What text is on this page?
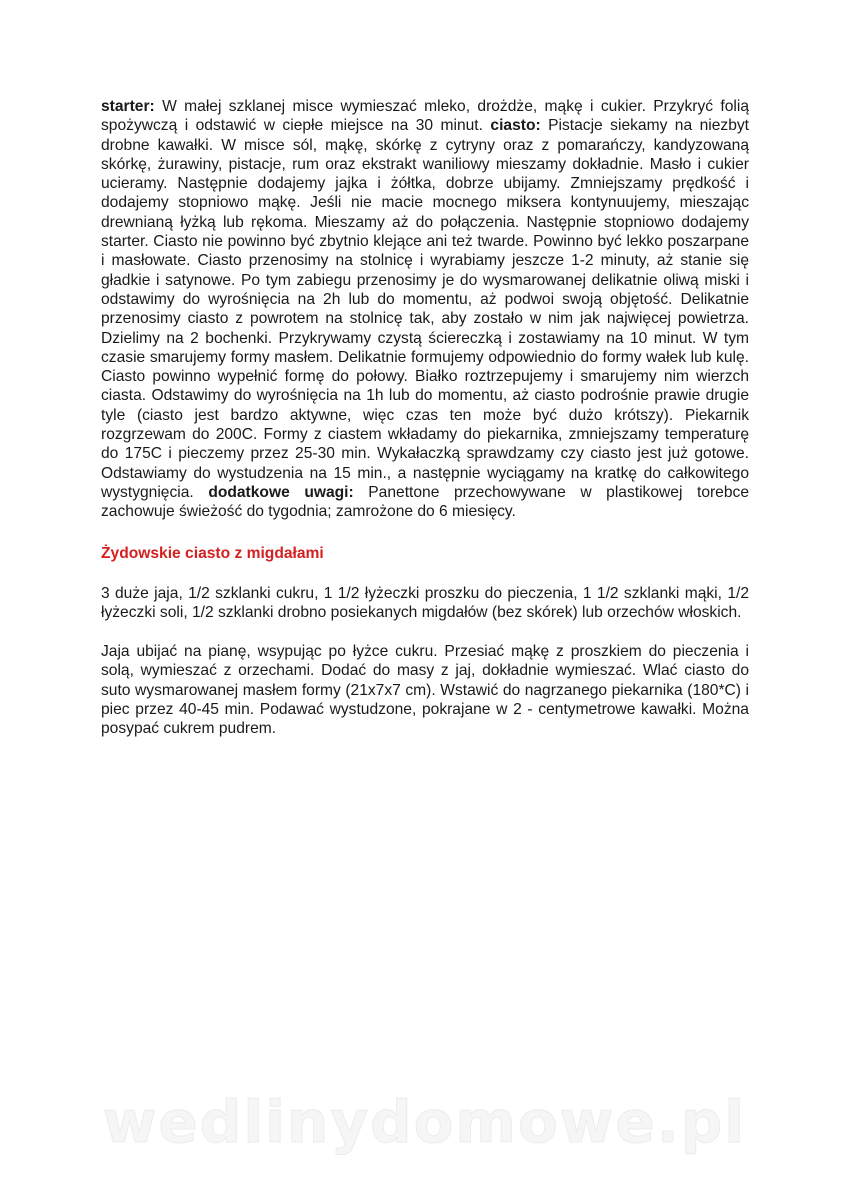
starter: W małej szklanej misce wymieszać mleko, drożdże, mąkę i cukier. Przykryć folią spożywczą i odstawić w ciepłe miejsce na 30 minut. ciasto: Pistacje siekamy na niezbyt drobne kawałki. W misce sól, mąkę, skórkę z cytryny oraz z pomarańczy, kandyzowaną skórkę, żurawiny, pistacje, rum oraz ekstrakt waniliowy mieszamy dokładnie. Masło i cukier ucieramy. Następnie dodajemy jajka i żółtka, dobrze ubijamy. Zmniejszamy prędkość i dodajemy stopniowo mąkę. Jeśli nie macie mocnego miksera kontynuujemy, mieszając drewnianą łyżką lub rękoma. Mieszamy aż do połączenia. Następnie stopniowo dodajemy starter. Ciasto nie powinno być zbytnio klejące ani też twarde. Powinno być lekko poszarpane i masłowate. Ciasto przenosimy na stolnicę i wyrabiamy jeszcze 1-2 minuty, aż stanie się gładkie i satynowe. Po tym zabiegu przenosimy je do wysmarowanej delikatnie oliwą miski i odstawimy do wyrośnięcia na 2h lub do momentu, aż podwoi swoją objętość. Delikatnie przenosimy ciasto z powrotem na stolnicę tak, aby zostało w nim jak najwięcej powietrza. Dzielimy na 2 bochenki. Przykrywamy czystą ściereczką i zostawiamy na 10 minut. W tym czasie smarujemy formy masłem. Delikatnie formujemy odpowiednio do formy wałek lub kulę. Ciasto powinno wypełnić formę do połowy. Białko roztrzepujemy i smarujemy nim wierzch ciasta. Odstawimy do wyrośnięcia na 1h lub do momentu, aż ciasto podrośnie prawie drugie tyle (ciasto jest bardzo aktywne, więc czas ten może być dużo krótszy). Piekarnik rozgrzewam do 200C. Formy z ciastem wkładamy do piekarnika, zmniejszamy temperaturę do 175C i pieczemy przez 25-30 min. Wykałaczką sprawdzamy czy ciasto jest już gotowe. Odstawiamy do wystudzenia na 15 min., a następnie wyciągamy na kratkę do całkowitego wystygnięcia. dodatkowe uwagi: Panettone przechowywane w plastikowej torebce zachowuje świeżość do tygodnia; zamrożone do 6 miesięcy.

Żydowskie ciasto z migdałami

3 duże jaja, 1/2 szklanki cukru, 1 1/2 łyżeczki proszku do pieczenia, 1 1/2 szklanki mąki, 1/2 łyżeczki soli, 1/2 szklanki drobno posiekanych migdałów (bez skórek) lub orzechów włoskich.

Jaja ubijać na pianę, wsypując po łyżce cukru. Przesiać mąkę z proszkiem do pieczenia i solą, wymieszać z orzechami. Dodać do masy z jaj, dokładnie wymieszać. Wlać ciasto do suto wysmarowanej masłem formy (21x7x7 cm). Wstawić do nagrzanego piekarnika (180*C) i piec przez 40-45 min. Podawać wystudzone, pokrajane w 2 - centymetrowe kawałki. Można posypać cukrem pudrem.

wedlinydomowe.pl
